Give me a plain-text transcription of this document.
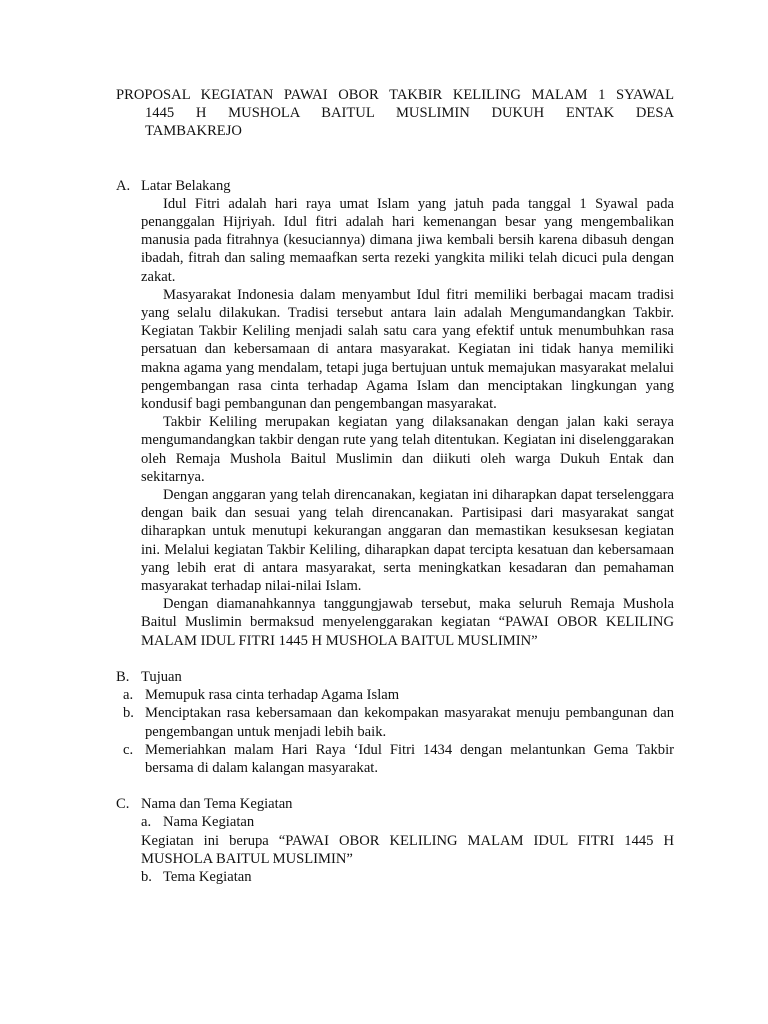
PROPOSAL KEGIATAN PAWAI OBOR TAKBIR KELILING MALAM 1 SYAWAL
1445 H MUSHOLA BAITUL MUSLIMIN DUKUH ENTAK DESA
TAMBAKREJO
A. Latar Belakang

Idul Fitri adalah hari raya umat Islam yang jatuh pada tanggal 1 Syawal pada penanggalan Hijriyah. Idul fitri adalah hari kemenangan besar yang mengembalikan manusia pada fitrahnya (kesuciannya) dimana jiwa kembali bersih karena dibasuh dengan ibadah, fitrah dan saling memaafkan serta rezeki yangkita miliki telah dicuci pula dengan zakat.

Masyarakat Indonesia dalam menyambut Idul fitri memiliki berbagai macam tradisi yang selalu dilakukan. Tradisi tersebut antara lain adalah Mengumandangkan Takbir. Kegiatan Takbir Keliling menjadi salah satu cara yang efektif untuk menumbuhkan rasa persatuan dan kebersamaan di antara masyarakat. Kegiatan ini tidak hanya memiliki makna agama yang mendalam, tetapi juga bertujuan untuk memajukan masyarakat melalui pengembangan rasa cinta terhadap Agama Islam dan menciptakan lingkungan yang kondusif bagi pembangunan dan pengembangan masyarakat.

Takbir Keliling merupakan kegiatan yang dilaksanakan dengan jalan kaki seraya mengumandangkan takbir dengan rute yang telah ditentukan. Kegiatan ini diselenggarakan oleh Remaja Mushola Baitul Muslimin dan diikuti oleh warga Dukuh Entak dan sekitarnya.

Dengan anggaran yang telah direncanakan, kegiatan ini diharapkan dapat terselenggara dengan baik dan sesuai yang telah direncanakan. Partisipasi dari masyarakat sangat diharapkan untuk menutupi kekurangan anggaran dan memastikan kesuksesan kegiatan ini. Melalui kegiatan Takbir Keliling, diharapkan dapat tercipta kesatuan dan kebersamaan yang lebih erat di antara masyarakat, serta meningkatkan kesadaran dan pemahaman masyarakat terhadap nilai-nilai Islam.

Dengan diamanahkannya tanggungjawab tersebut, maka seluruh Remaja Mushola Baitul Muslimin bermaksud menyelenggarakan kegiatan “PAWAI OBOR KELILING MALAM IDUL FITRI 1445 H MUSHOLA BAITUL MUSLIMIN”

B. Tujuan
a. Memupuk rasa cinta terhadap Agama Islam
b. Menciptakan rasa kebersamaan dan kekompakan masyarakat menuju pembangunan dan pengembangan untuk menjadi lebih baik.
c. Memeriahkan malam Hari Raya ‘Idul Fitri 1434 dengan melantunkan Gema Takbir bersama di dalam kalangan masyarakat.
C. Nama dan Tema Kegiatan
a. Nama Kegiatan

Kegiatan ini berupa “PAWAI OBOR KELILING MALAM IDUL FITRI 1445 H MUSHOLA BAITUL MUSLIMIN”

b. Tema Kegiatan
